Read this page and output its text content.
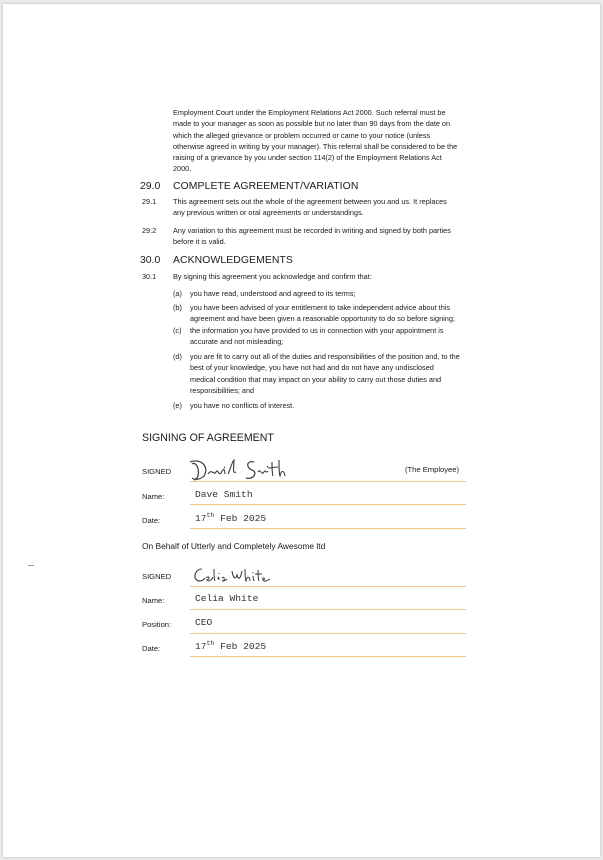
Employment Court under the Employment Relations Act 2000. Such referral must be
made to your manager as soon as possible but no later than 90 days from the date on
which the alleged grievance or problem occurred or came to your notice (unless
otherwise agreed in writing by your manager). This referral shall be considered to be the
raising of a grievance by you under section 114(2) of the Employment Relations Act
2000.
29.0 COMPLETE AGREEMENT/VARIATION
29.1 This agreement sets out the whole of the agreement between you and us. It replaces
any previous written or oral agreements or understandings.
29.2 Any variation to this agreement must be recorded in writing and signed by both parties
before it is valid.
30.0 ACKNOWLEDGEMENTS
30.1 By signing this agreement you acknowledge and confirm that:
(a) you have read, understood and agreed to its terms;
(b) you have been advised of your entitlement to take independent advice about this
agreement and have been given a reasonable opportunity to do so before signing;
(c) the information you have provided to us in connection with your appointment is
accurate and not misleading;
(d) you are fit to carry out all of the duties and responsibilities of the position and, to the
best of your knowledge, you have not had and do not have any undisclosed
medical condition that may impact on your ability to carry out those duties and
responsibilities; and
(e) you have no conflicts of interest.
SIGNING OF AGREEMENT
SIGNED	(The Employee)
Name:	Dave Smith
Date:	17th Feb 2025
On Behalf of Utterly and Completely Awesome ltd
SIGNED
Name:	Celia White
Position: CEO
Date:	17th Feb 2025
